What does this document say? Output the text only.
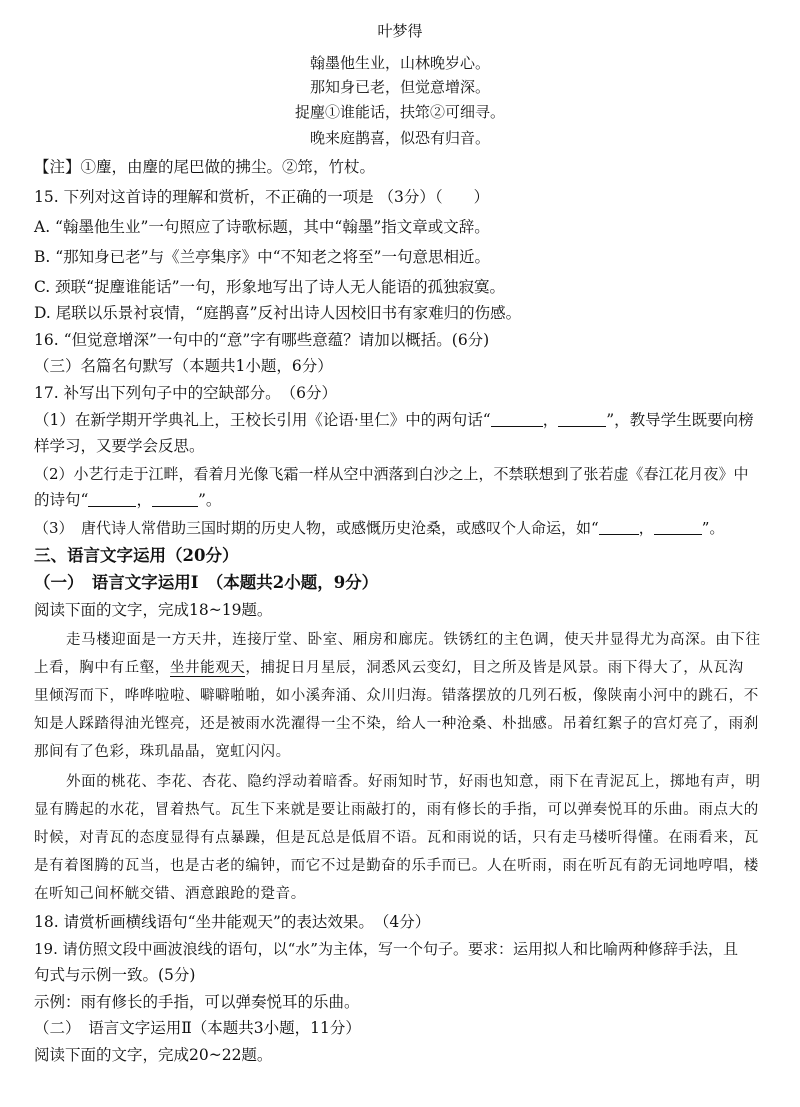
叶梦得
翰墨他生业，山林晚岁心。
那知身已老，但觉意增深。
捉麈①谁能话，扶筇②可细寻。
晚来庭鹊喜，似恐有归音。
【注】①麈，由麈的尾巴做的拂尘。②筇，竹杖。
15. 下列对这首诗的理解和赏析，不正确的一项是 （3分）（　　）
A. “翰墨他生业”一句照应了诗歌标题，其中“翰墨”指文章或文辞。
B. “那知身已老”与《兰亭集序》中“不知老之将至”一句意思相近。
C. 颈联“捉麈谁能话”一句，形象地写出了诗人无人能语的孤独寂寞。
D. 尾联以乐景衬哀情，“庭鹊喜”反衬出诗人因校旧书有家难归的伤感。
16. “但觉意增深”一句中的“意”字有哪些意蕴？请加以概括。(6分)
（三）名篇名句默写（本题共1小题，6分）
17. 补写出下列句子中的空缺部分。　（6分）
（1）在新学期开学典礼上，王校长引用《论语·里仁》中的两句话“	，	”，教导学生既要向榜
样学习，又要学会反思。
（2）小艺行走于江畔，看着月光像飞霜一样从空中洒落到白沙之上，不禁联想到了张若虚《春江花月夜》中
的诗句“	，	”。
（3）　唐代诗人常借助三国时期的历史人物，或感慨历史沧桑，或感叹个人命运，如“	，	”。
三、语言文字运用（20分）
（一）　语言文字运用Ⅰ　（本题共2小题，9分）
阅读下面的文字，完成18~19题。
走马楼迎面是一方天井，连接厅堂、卧室、厢房和廊庑。铁锈红的主色调，使天井显得尤为高深。由下往
上看，胸中有丘壑，坐井能观天，捕捉日月星辰，洞悉风云变幻，目之所及皆是风景。雨下得大了，从瓦沟
里倾泻而下，哗哗啦啦、噼噼啪啪，如小溪奔涌、众川归海。错落摆放的几列石板，像陕南小河中的跳石，不
知是人踩踏得油光铿亮，还是被雨水洗濯得一尘不染，给人一种沧桑、朴拙感。吊着红絮子的宫灯亮了，雨刹
那间有了色彩，珠玑晶晶，宽虹闪闪。
外面的桃花、李花、杏花、隐约浮动着暗香。好雨知时节，好雨也知意，雨下在青泥瓦上，掷地有声，明
显有腾起的水花，冒着热气。瓦生下来就是要让雨敲打的，雨有修长的手指，可以弹奏悦耳的乐曲。雨点大的
时候，对青瓦的态度显得有点暴躁，但是瓦总是低眉不语。瓦和雨说的话，只有走马楼听得懂。在雨看来，瓦
是有着图腾的瓦当，也是古老的编钟，而它不过是勤奋的乐手而已。人在听雨，雨在听瓦有韵无词地哼唱，楼
在听知己间杯觥交错、酒意踉跄的跫音。
18. 请赏析画横线语句“坐井能观天”的表达效果。　（4分）
19. 请仿照文段中画波浪线的语句，以“水”为主体，写一个句子。要求：运用拟人和比喻两种修辞手法，且
句式与示例一致。(5分)
示例：雨有修长的手指，可以弹奏悦耳的乐曲。
（二）　语言文字运用Ⅱ（本题共3小题，11分）
阅读下面的文字，完成20~22题。
